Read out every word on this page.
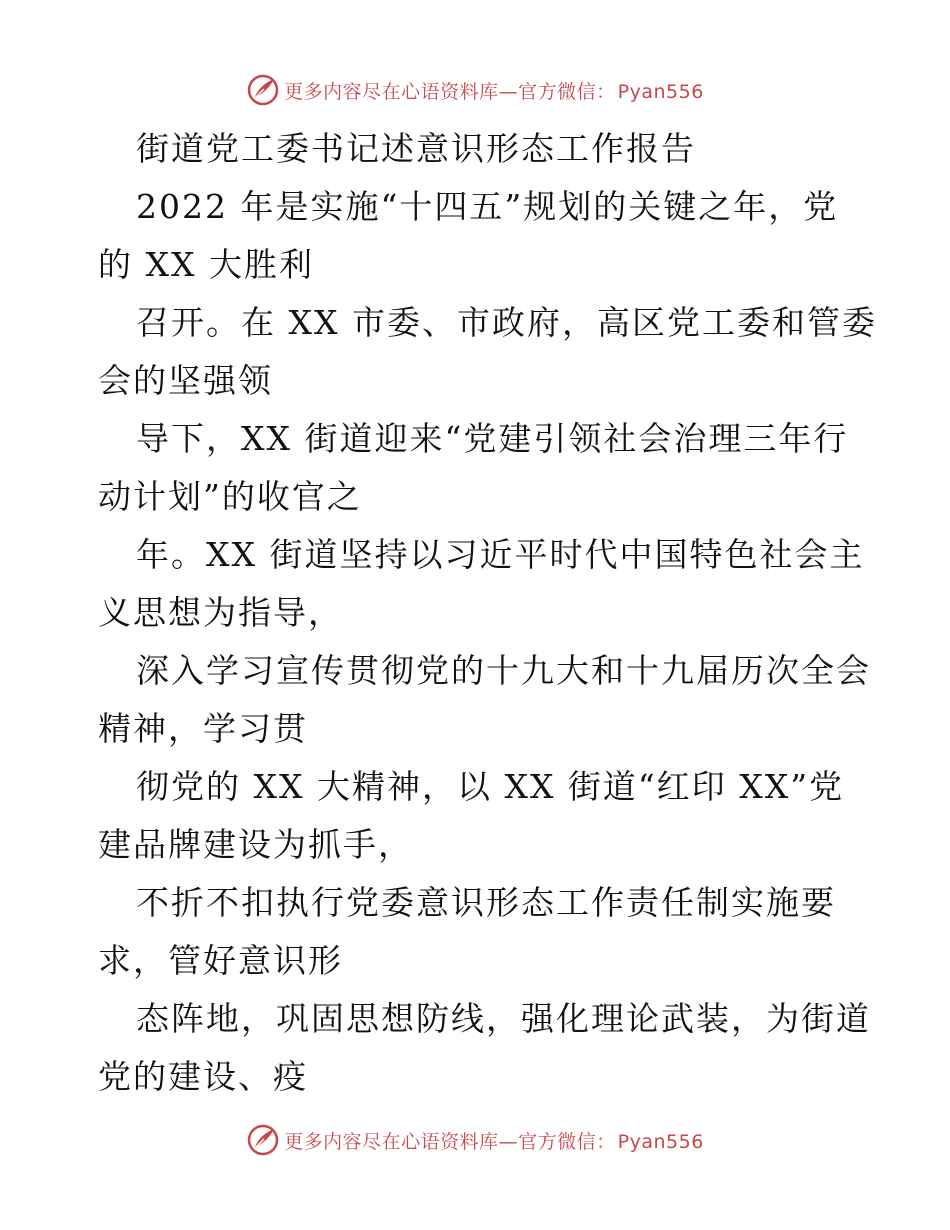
更多内容尽在心语资料库—官方微信： Pyan556
街道党工委书记述意识形态工作报告
2022 年是实施“十四五”规划的关键之年，党
的 XX 大胜利
召开。在 XX 市委、市政府，高区党工委和管委
会的坚强领
导下，XX 街道迎来“党建引领社会治理三年行
动计划”的收官之
年。XX 街道坚持以习近平时代中国特色社会主
义思想为指导，
深入学习宣传贯彻党的十九大和十九届历次全会
精神，学习贯
彻党的 XX 大精神，以 XX 街道“红印 XX”党
建品牌建设为抓手，
不折不扣执行党委意识形态工作责任制实施要
求，管好意识形
态阵地，巩固思想防线，强化理论武装，为街道
党的建设、疫
更多内容尽在心语资料库—官方微信： Pyan556
